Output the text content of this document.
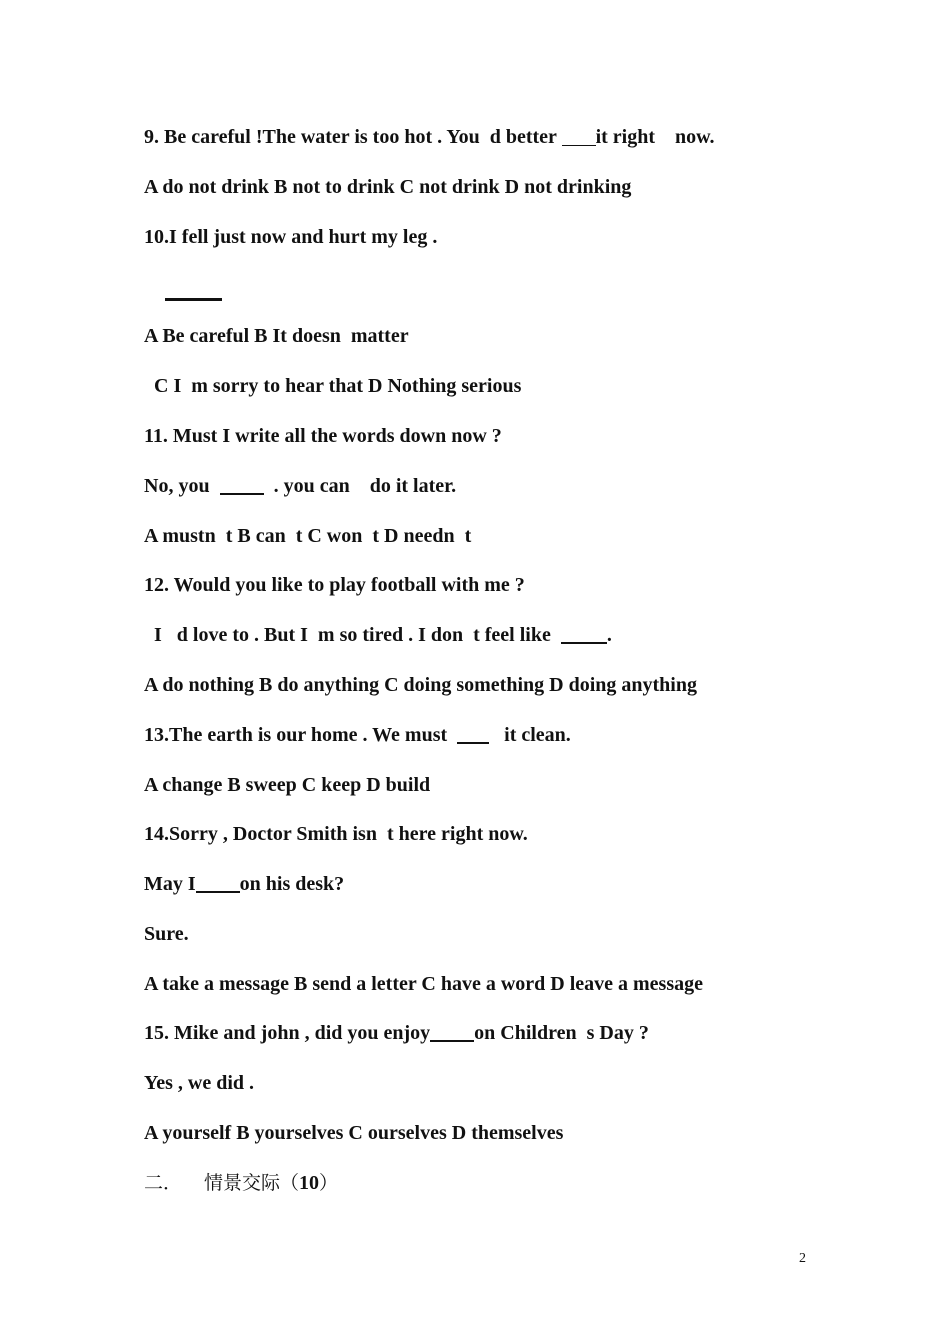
9. Be careful !The water is too hot . You  d better it right    now.
A do not drink B not to drink C not drink D not drinking
10.I fell just now and hurt my leg .
A Be careful B It doesn  matter
C I  m sorry to hear that D Nothing serious
11. Must I write all the words down now ?
No, you    . you can    do it later.
A mustn  t B can  t C won  t D needn  t
12. Would you like to play football with me ?
I   d love to . But I  m so tired . I don  t feel like  .
A do nothing B do anything C doing something D doing anything
13.The earth is our home . We must     it clean.
A change B sweep C keep D build
14.Sorry , Doctor Smith isn  t here right now.
May I on his desk?
Sure.
A take a message B send a letter C have a word D leave a message
15. Mike and john , did you enjoy on Children  s Day ?
Yes , we did .
A yourself B yourselves C ourselves D themselves
二． 情景交际（10）
2
